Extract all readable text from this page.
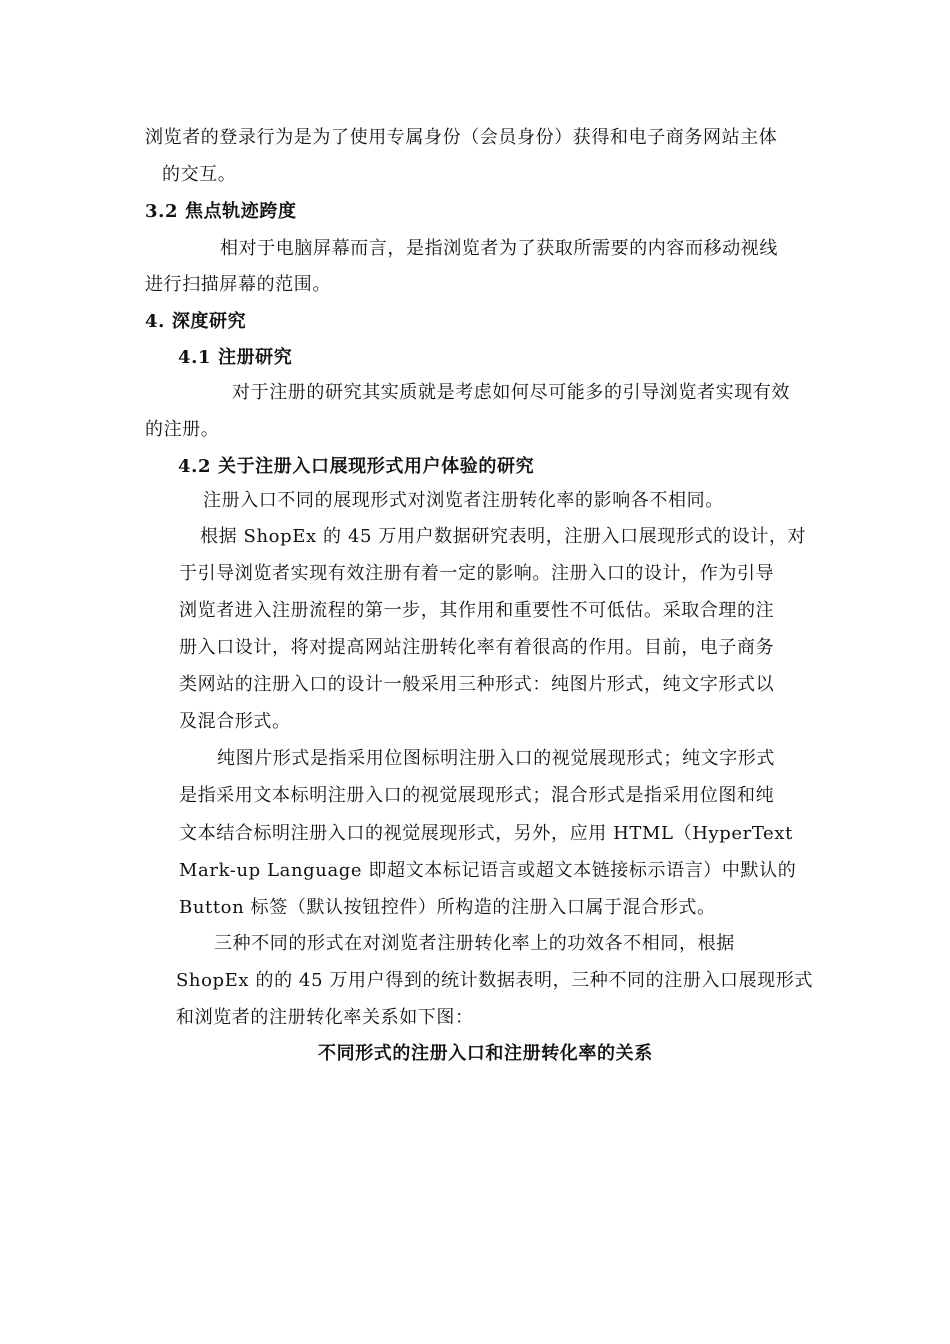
浏览者的登录行为是为了使用专属身份（会员身份）获得和电子商务网站主体

的交互。

3.2 焦点轨迹跨度

相对于电脑屏幕而言，是指浏览者为了获取所需要的内容而移动视线

进行扫描屏幕的范围。

4. 深度研究

4.1 注册研究

对于注册的研究其实质就是考虑如何尽可能多的引导浏览者实现有效

的注册。

4.2 关于注册入口展现形式用户体验的研究

注册入口不同的展现形式对浏览者注册转化率的影响各不相同。

根据 ShopEx 的 45 万用户数据研究表明，注册入口展现形式的设计，对

于引导浏览者实现有效注册有着一定的影响。注册入口的设计，作为引导

浏览者进入注册流程的第一步，其作用和重要性不可低估。采取合理的注

册入口设计，将对提高网站注册转化率有着很高的作用。目前，电子商务

类网站的注册入口的设计一般采用三种形式：纯图片形式，纯文字形式以

及混合形式。

纯图片形式是指采用位图标明注册入口的视觉展现形式；纯文字形式

是指采用文本标明注册入口的视觉展现形式；混合形式是指采用位图和纯

文本结合标明注册入口的视觉展现形式，另外，应用 HTML（HyperText

Mark-up Language 即超文本标记语言或超文本链接标示语言）中默认的

Button 标签（默认按钮控件）所构造的注册入口属于混合形式。

三种不同的形式在对浏览者注册转化率上的功效各不相同，根据

ShopEx 的的 45 万用户得到的统计数据表明，三种不同的注册入口展现形式

和浏览者的注册转化率关系如下图：

不同形式的注册入口和注册转化率的关系
